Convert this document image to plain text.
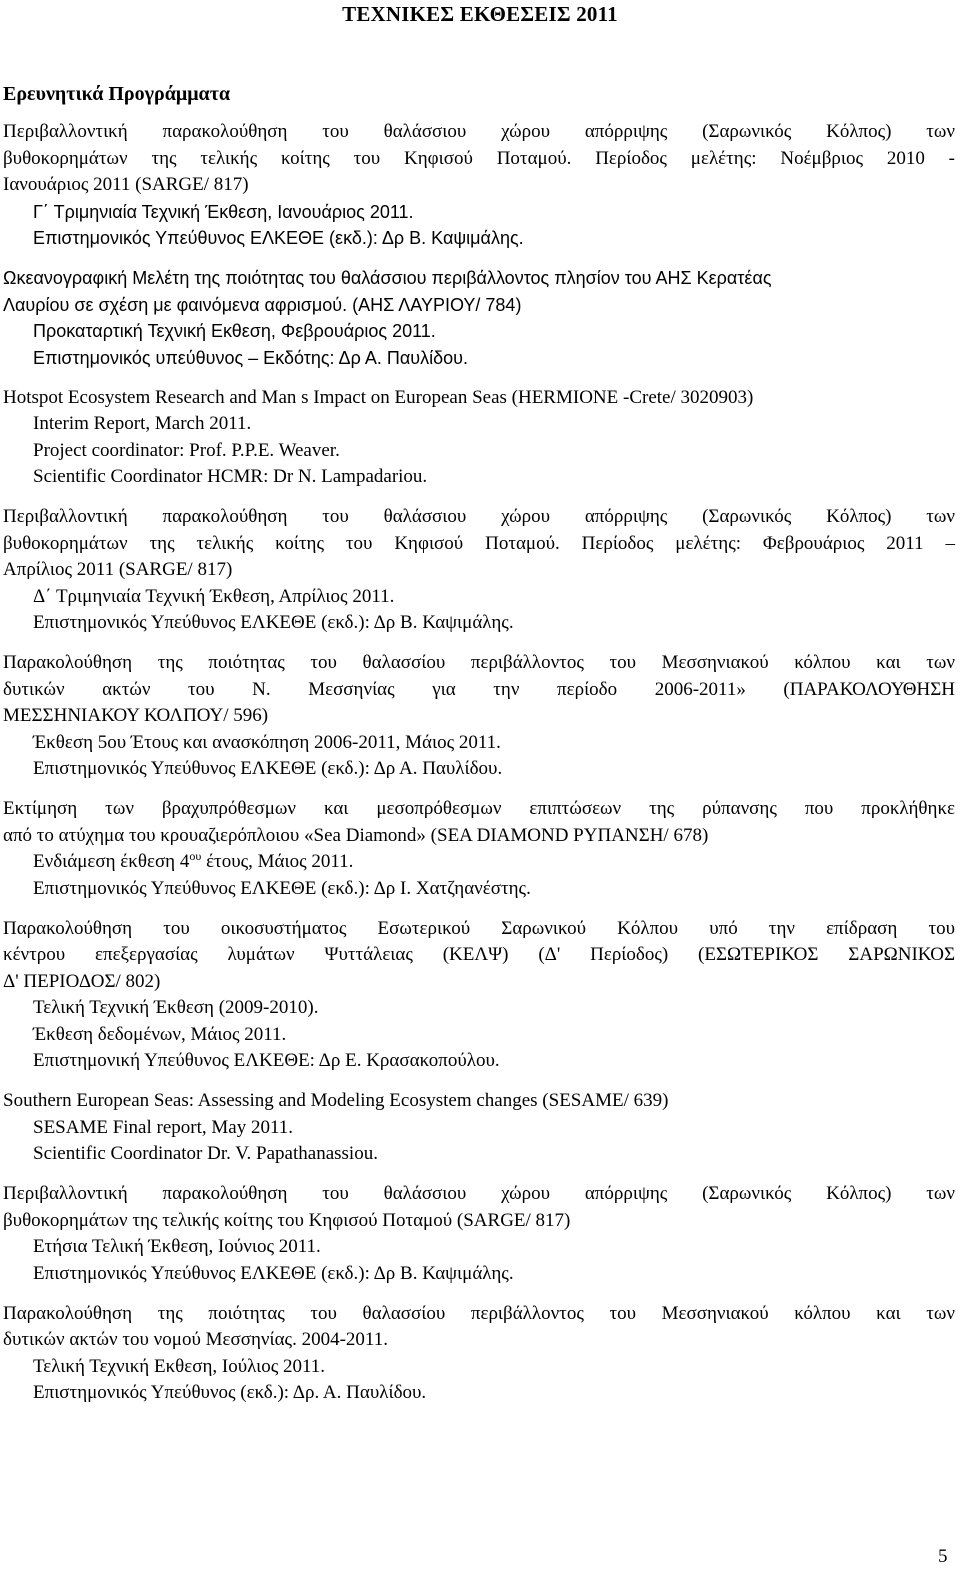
ΤΕΧΝΙΚΕΣ ΕΚΘΕΣΕΙΣ 2011
Ερευνητικά Προγράμματα

Περιβαλλοντική παρακολούθηση του θαλάσσιου χώρου απόρριψης (Σαρωνικός Κόλπος) των

βυθοκορημάτων της τελικής κοίτης του Κηφισού Ποταμού. Περίοδος μελέτης: Νοέμβριος 2010 -

Ιανουάριος 2011 (SARGE/ 817)

Γ΄ Τριμηνιαία Τεχνική Έκθεση, Ιανουάριος 2011.

Επιστημονικός Υπεύθυνος ΕΛΚΕΘΕ (εκδ.): Δρ Β. Καψιμάλης.

Ωκεανογραφική Μελέτη της ποιότητας του θαλάσσιου περιβάλλοντος πλησίον του ΑΗΣ Κερατέας

Λαυρίου σε σχέση με φαινόμενα αφρισμού. (ΑΗΣ ΛΑΥΡΙΟΥ/ 784)

Προκαταρτική Τεχνική Εκθεση, Φεβρουάριος 2011.

Επιστημονικός υπεύθυνος – Εκδότης: Δρ Α. Παυλίδου.

Hotspot Ecosystem Research and Man s Impact on European Seas (HERMIONE -Crete/ 3020903)

Interim Report, March 2011.

Project coordinator: Prof. P.P.E. Weaver.

Scientific Coordinator HCMR: Dr N. Lampadariou.

Περιβαλλοντική παρακολούθηση του θαλάσσιου χώρου απόρριψης (Σαρωνικός Κόλπος) των

βυθοκορημάτων της τελικής κοίτης του Κηφισού Ποταμού. Περίοδος μελέτης: Φεβρουάριος 2011 –

Απρίλιος 2011 (SARGE/ 817)

Δ΄ Τριμηνιαία Τεχνική Έκθεση, Απρίλιος 2011.

Επιστημονικός Υπεύθυνος ΕΛΚΕΘΕ (εκδ.): Δρ Β. Καψιμάλης.

Παρακολούθηση της ποιότητας του θαλασσίου περιβάλλοντος του Μεσσηνιακού κόλπου και των

δυτικών ακτών του Ν. Μεσσηνίας για την περίοδο 2006-2011» (ΠΑΡΑΚΟΛΟΥΘΗΣΗ

ΜΕΣΣΗΝΙΑΚΟΥ ΚΟΛΠΟΥ/ 596)

Έκθεση 5ου Έτους και ανασκόπηση 2006-2011, Μάιος 2011.

Επιστημονικός Υπεύθυνος ΕΛΚΕΘΕ (εκδ.): Δρ Α. Παυλίδου.

Εκτίμηση των βραχυπρόθεσμων και μεσοπρόθεσμων επιπτώσεων της ρύπανσης που προκλήθηκε

από το ατύχημα του κρουαζιερόπλοιου «Sea Diamond» (SEA DIAMOND ΡΥΠΑΝΣΗ/ 678)

Ενδιάμεση έκθεση $4^{o\upsilon}$ έτους, Μάιος 2011.

Επιστημονικός Υπεύθυνος ΕΛΚΕΘΕ (εκδ.): Δρ Ι. Χατζηανέστης.

Παρακολούθηση του οικοσυστήματος Εσωτερικού Σαρωνικού Κόλπου υπό την επίδραση του

κέντρου επεξεργασίας λυμάτων Ψυττάλειας (ΚΕΛΨ) (Δ' Περίοδος) (ΕΣΩΤΕΡΙΚΟΣ ΣΑΡΩΝΙΚΟΣ

Δ' ΠΕΡΙΟΔΟΣ/ 802)

Τελική Τεχνική Έκθεση (2009-2010).

Έκθεση δεδομένων, Μάιος 2011.

Επιστημονική Υπεύθυνος ΕΛΚΕΘΕ: Δρ Ε. Κρασακοπούλου.

Southern European Seas: Assessing and Modeling Ecosystem changes (SESAME/ 639)

SESAME Final report, May 2011.

Scientific Coordinator Dr. V. Papathanassiou.

Περιβαλλοντική παρακολούθηση του θαλάσσιου χώρου απόρριψης (Σαρωνικός Κόλπος) των

βυθοκορημάτων της τελικής κοίτης του Κηφισού Ποταμού (SARGE/ 817)

Ετήσια Τελική Έκθεση, Ιούνιος 2011.

Επιστημονικός Υπεύθυνος ΕΛΚΕΘΕ (εκδ.): Δρ Β. Καψιμάλης.

Παρακολούθηση της ποιότητας του θαλασσίου περιβάλλοντος του Μεσσηνιακού κόλπου και των

δυτικών ακτών του νομού Μεσσηνίας. 2004-2011.

Τελική Τεχνική Εκθεση, Ιούλιος 2011.

Επιστημονικός Υπεύθυνος (εκδ.): Δρ. Α. Παυλίδου.

5
